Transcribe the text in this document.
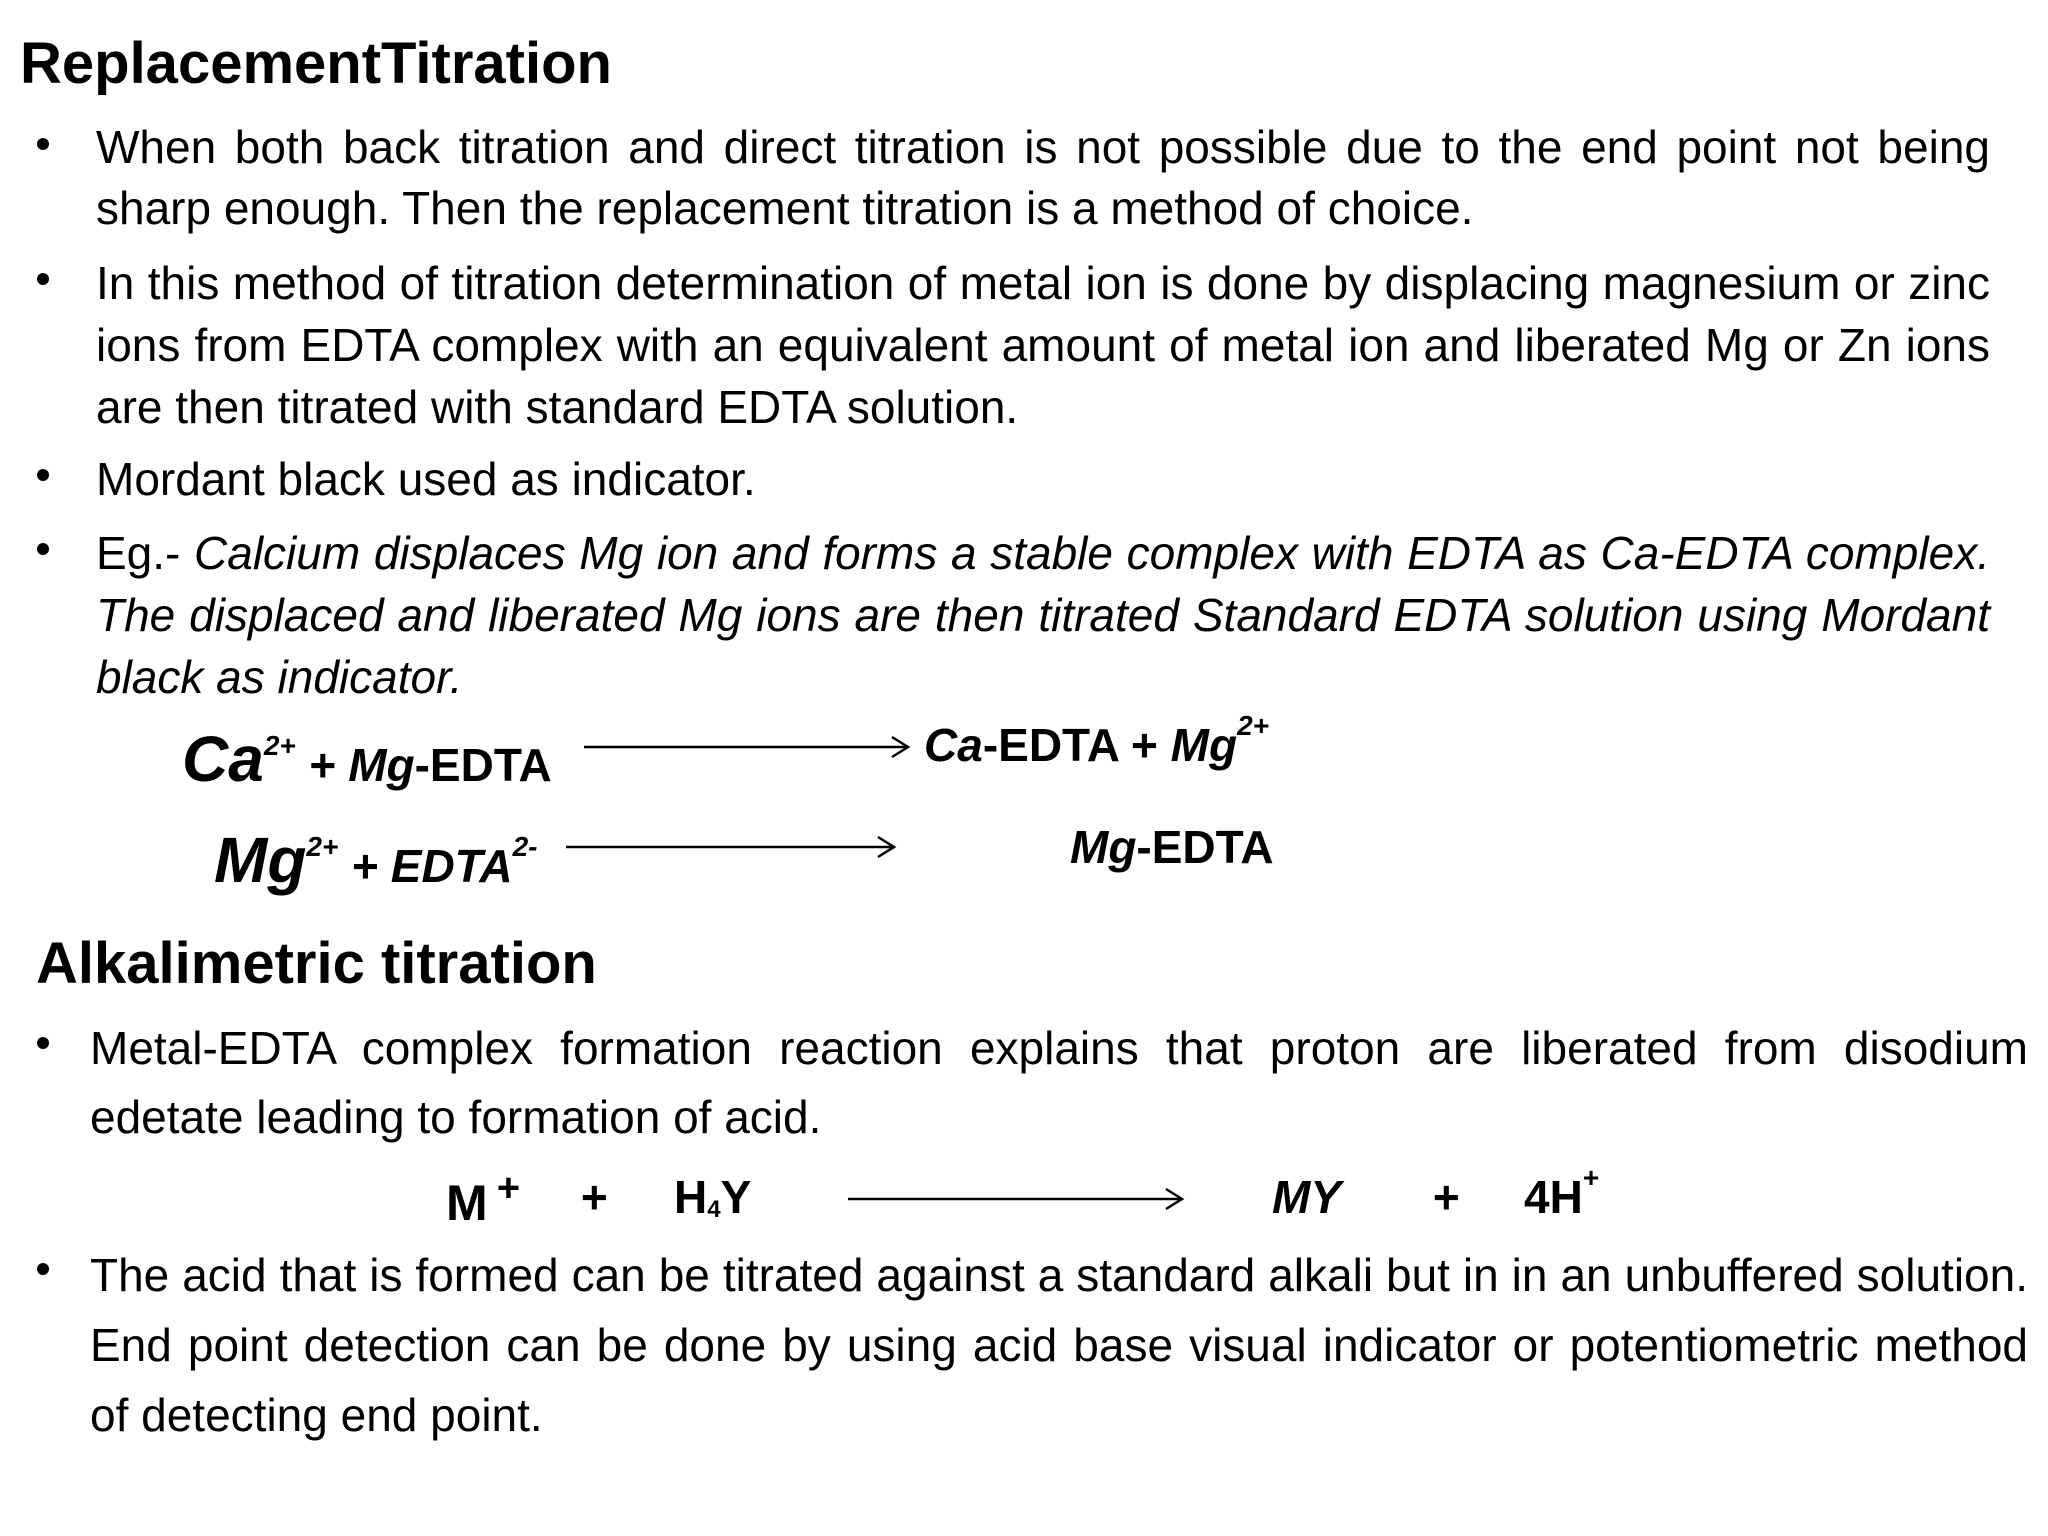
ReplacementTitration
When both back titration and direct titration is not possible due to the end point not being sharp enough. Then the replacement titration is a method of choice.
In this method of titration determination of metal ion is done by displacing magnesium or zinc ions from EDTA complex with an equivalent amount of metal ion and liberated Mg or Zn ions are then titrated with standard EDTA solution.
Mordant black used as indicator.
Eg.- Calcium displaces Mg ion and forms a stable complex with EDTA as Ca-EDTA complex. The displaced and liberated Mg ions are then titrated Standard EDTA solution using Mordant black as indicator.
$Ca^{2+}$ + Mg-EDTA	Ca-EDTA + $Mg^{2+}$
$Mg^{2+}$ + $EDTA^{2-}$	Mg-EDTA
Alkalimetric titration
Metal-EDTA complex formation reaction explains that proton are liberated from disodium edetate leading to formation of acid.
M + + $H_4Y$	MY + 4H+
The acid that is formed can be titrated against a standard alkali but in in an unbuffered solution. End point detection can be done by using acid base visual indicator or potentiometric method of detecting end point.
